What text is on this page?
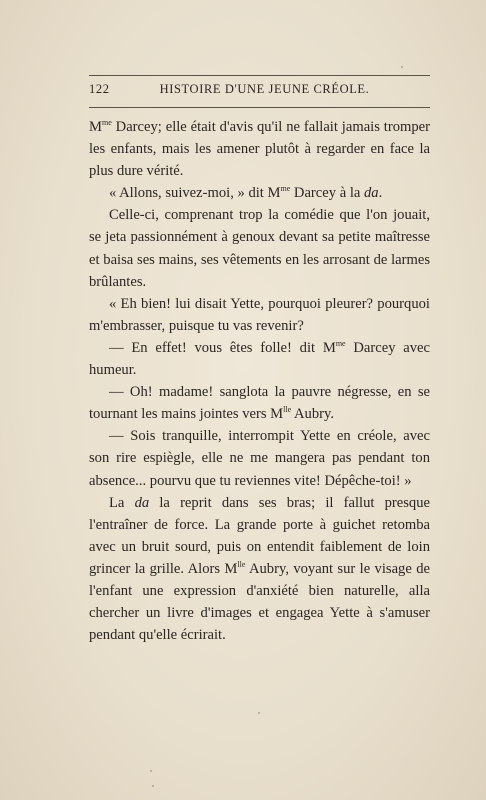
122	HISTOIRE D'UNE JEUNE CRÉOLE.

$M^{me}$ Darcey; elle était d'avis qu'il ne fallait jamais tromper les enfants, mais les amener plutôt à regarder en face la plus dure vérité.

« Allons, suivez-moi, » dit $M^{me}$ Darcey à la da.

Celle-ci, comprenant trop la comédie que l'on jouait, se jeta passionnément à genoux devant sa petite maîtresse et baisa ses mains, ses vêtements en les arrosant de larmes brûlantes.

« Eh bien! lui disait Yette, pourquoi pleurer? pourquoi m'embrasser, puisque tu vas revenir?

— En effet! vous êtes folle! dit $M^{me}$ Darcey avec humeur.

— Oh! madame! sanglota la pauvre négresse, en se tournant les mains jointes vers $M^{lle}$ Aubry.

— Sois tranquille, interrompit Yette en créole, avec son rire espiègle, elle ne me mangera pas pendant ton absence... pourvu que tu reviennes vite! Dépêche-toi! »

La da la reprit dans ses bras; il fallut presque l'entraîner de force. La grande porte à guichet retomba avec un bruit sourd, puis on entendit faiblement de loin grincer la grille. Alors $M^{lle}$ Aubry, voyant sur le visage de l'enfant une expression d'anxiété bien naturelle, alla chercher un livre d'images et engagea Yette à s'amuser pendant qu'elle écrirait.
